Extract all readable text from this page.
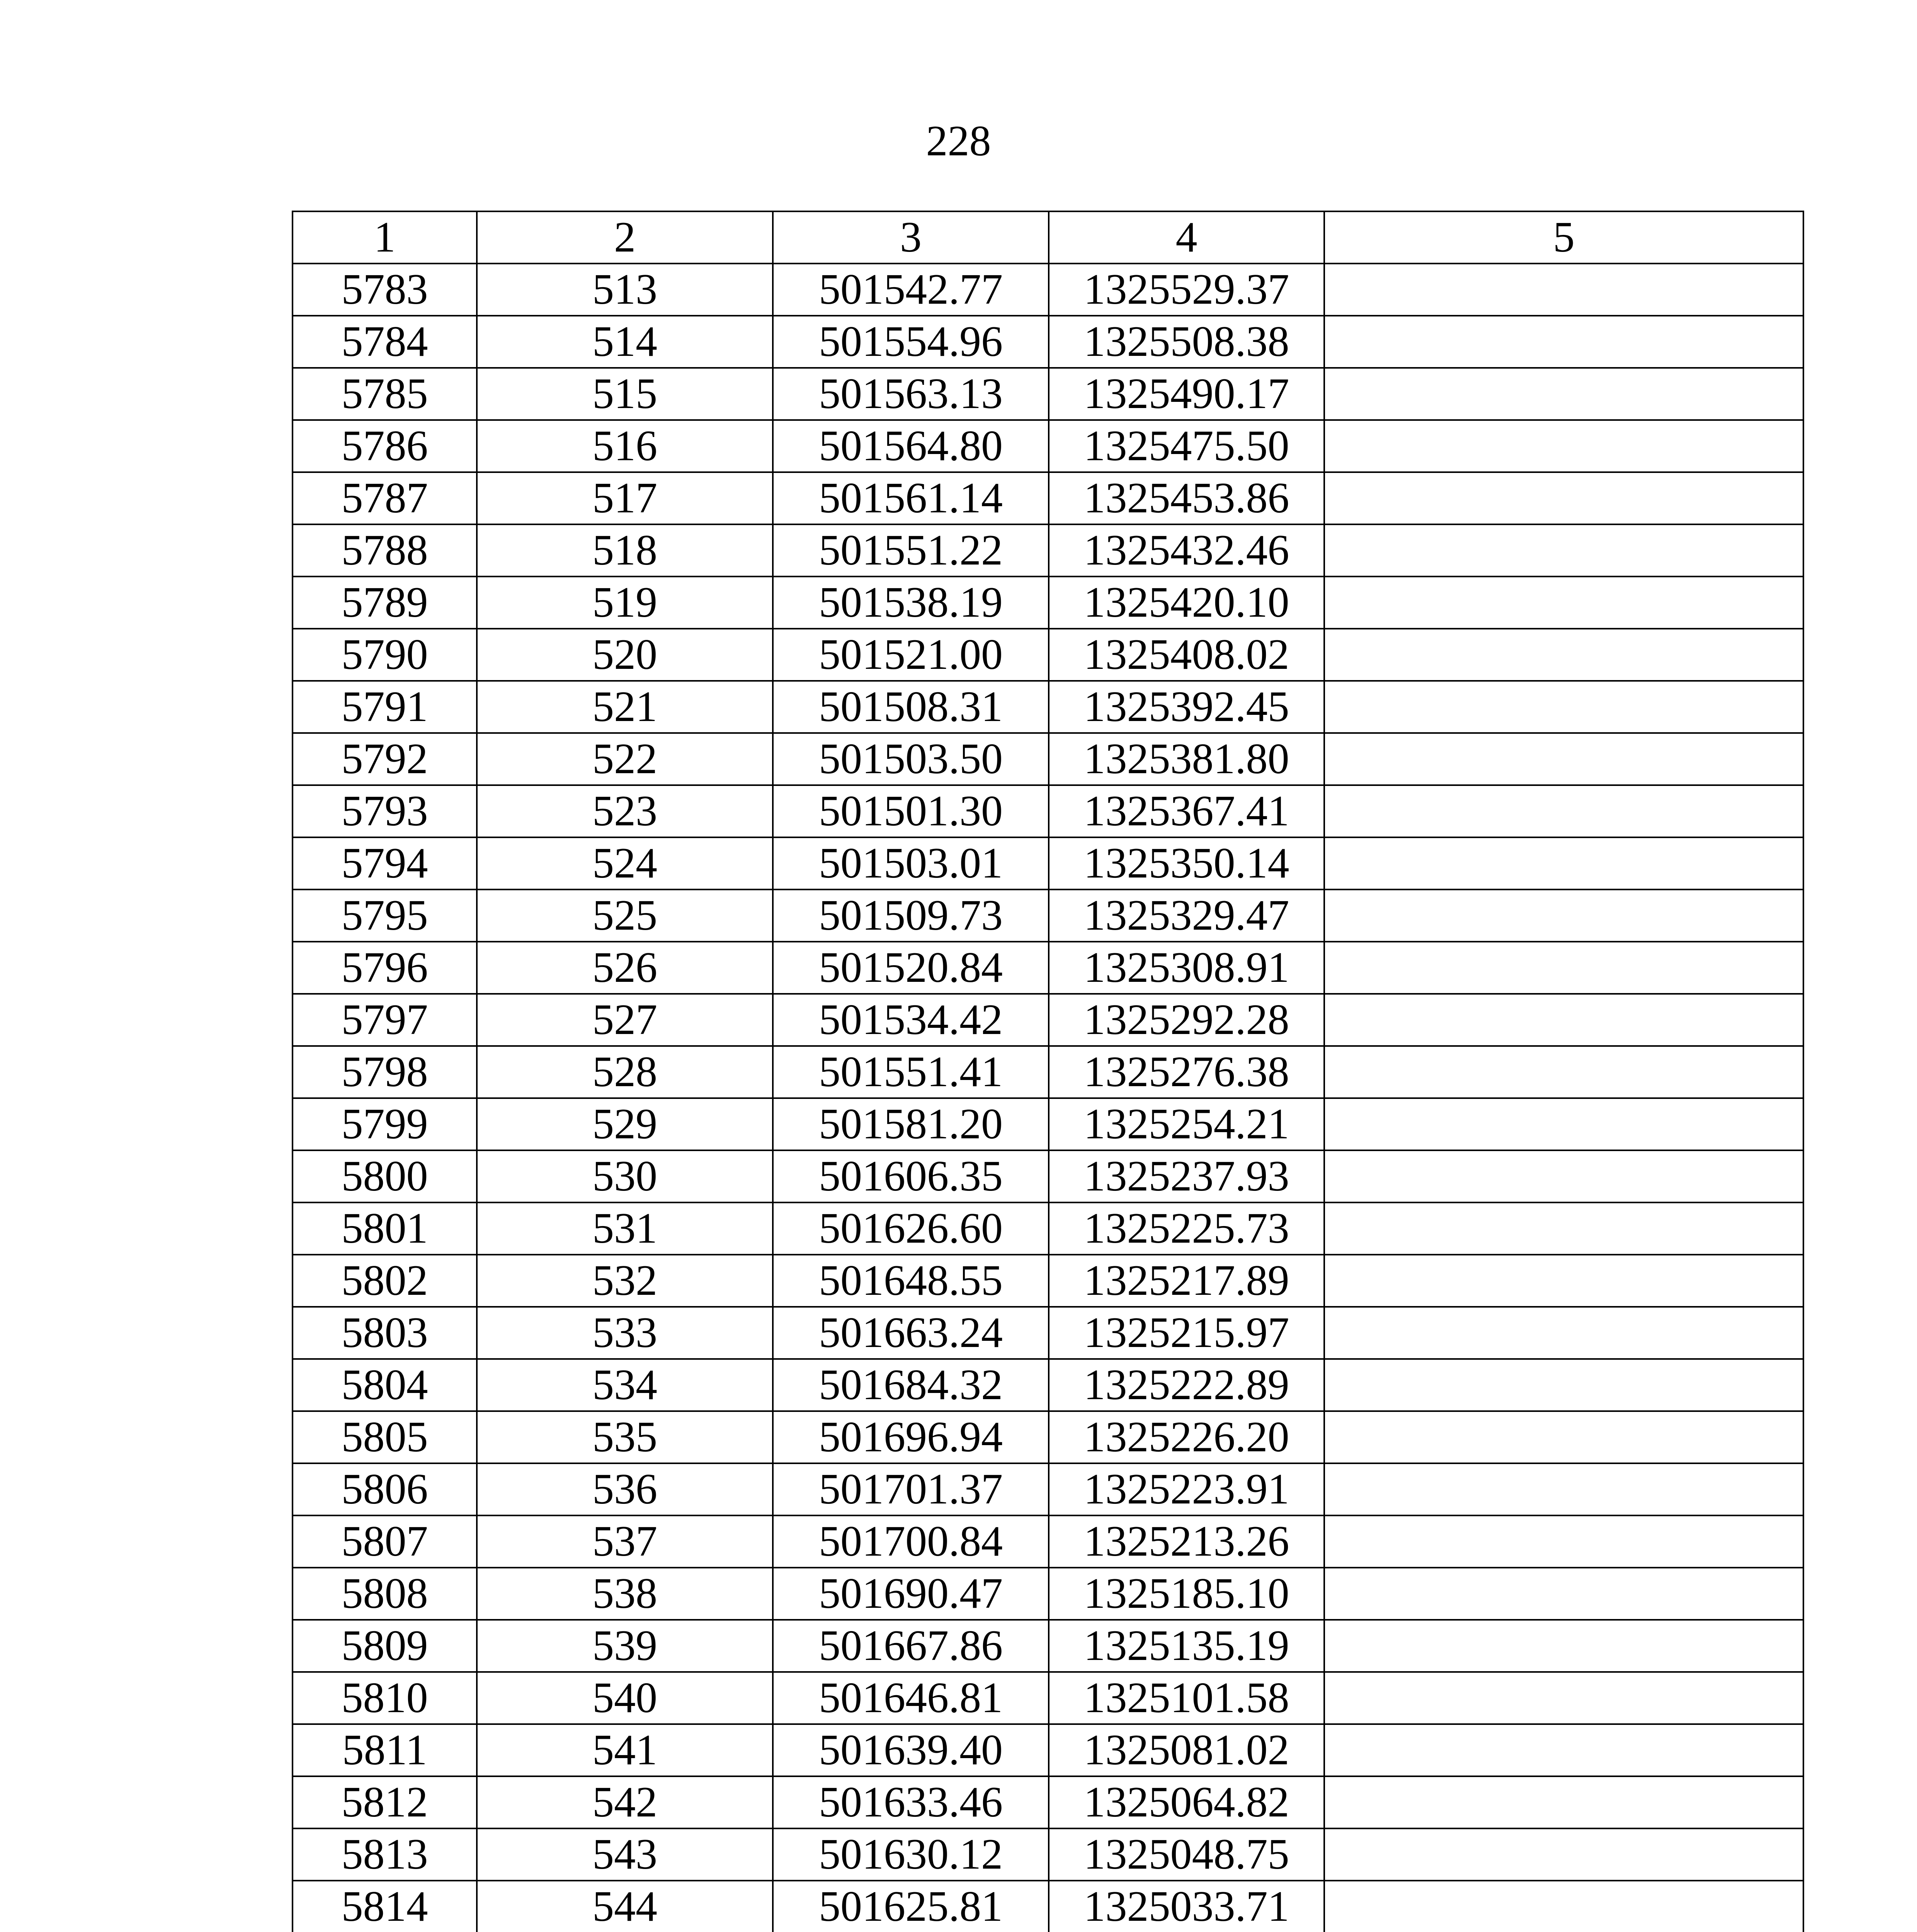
228
1	2	3	4	5
5783	513	501542.77	1325529.37	
5784	514	501554.96	1325508.38	
5785	515	501563.13	1325490.17	
5786	516	501564.80	1325475.50	
5787	517	501561.14	1325453.86	
5788	518	501551.22	1325432.46	
5789	519	501538.19	1325420.10	
5790	520	501521.00	1325408.02	
5791	521	501508.31	1325392.45	
5792	522	501503.50	1325381.80	
5793	523	501501.30	1325367.41	
5794	524	501503.01	1325350.14	
5795	525	501509.73	1325329.47	
5796	526	501520.84	1325308.91	
5797	527	501534.42	1325292.28	
5798	528	501551.41	1325276.38	
5799	529	501581.20	1325254.21	
5800	530	501606.35	1325237.93	
5801	531	501626.60	1325225.73	
5802	532	501648.55	1325217.89	
5803	533	501663.24	1325215.97	
5804	534	501684.32	1325222.89	
5805	535	501696.94	1325226.20	
5806	536	501701.37	1325223.91	
5807	537	501700.84	1325213.26	
5808	538	501690.47	1325185.10	
5809	539	501667.86	1325135.19	
5810	540	501646.81	1325101.58	
5811	541	501639.40	1325081.02	
5812	542	501633.46	1325064.82	
5813	543	501630.12	1325048.75	
5814	544	501625.81	1325033.71	
